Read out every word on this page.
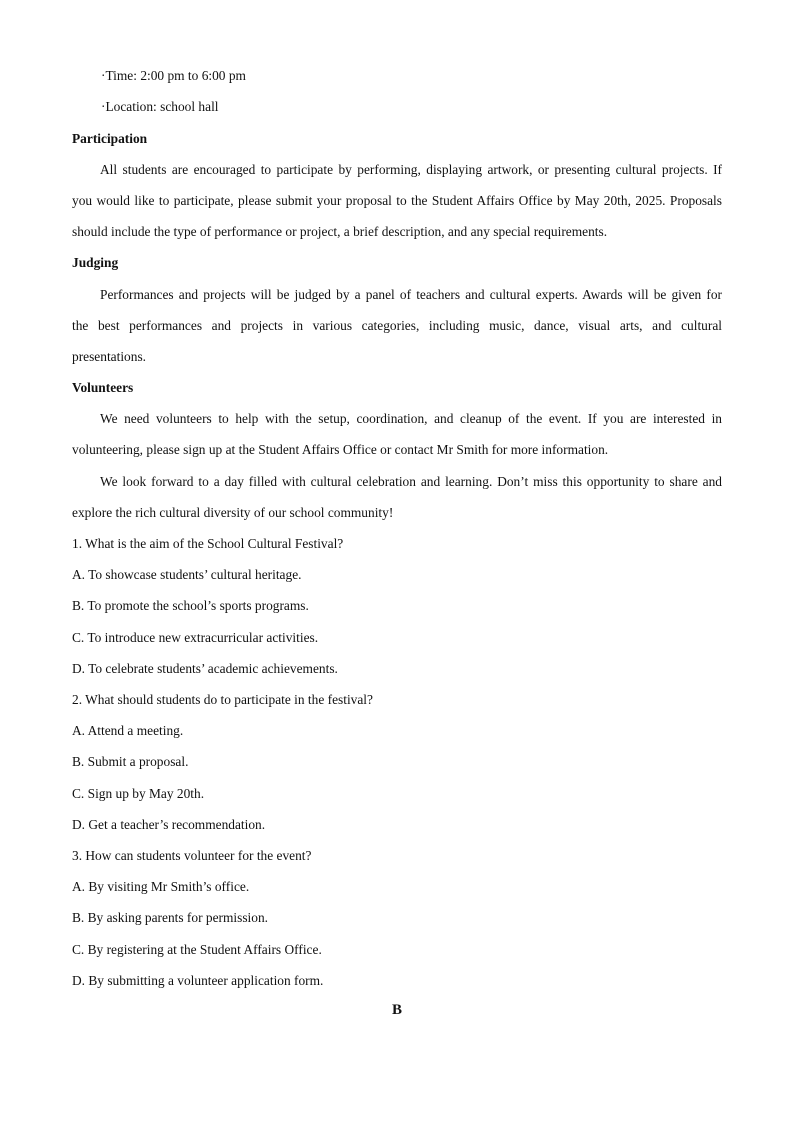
·Time: 2:00 pm to 6:00 pm
·Location: school hall
Participation
All students are encouraged to participate by performing, displaying artwork, or presenting cultural projects. If
you would like to participate, please submit your proposal to the Student Affairs Office by May 20th, 2025. Proposals
should include the type of performance or project, a brief description, and any special requirements.
Judging
Performances and projects will be judged by a panel of teachers and cultural experts. Awards will be given for
the best performances and projects in various categories, including music, dance, visual arts, and cultural
presentations.
Volunteers
We need volunteers to help with the setup, coordination, and cleanup of the event. If you are interested in
volunteering, please sign up at the Student Affairs Office or contact Mr Smith for more information.
We look forward to a day filled with cultural celebration and learning. Don’t miss this opportunity to share and
explore the rich cultural diversity of our school community!
1. What is the aim of the School Cultural Festival?
A. To showcase students’ cultural heritage.
B. To promote the school’s sports programs.
C. To introduce new extracurricular activities.
D. To celebrate students’ academic achievements.
2. What should students do to participate in the festival?
A. Attend a meeting.
B. Submit a proposal.
C. Sign up by May 20th.
D. Get a teacher’s recommendation.
3. How can students volunteer for the event?
A. By visiting Mr Smith’s office.
B. By asking parents for permission.
C. By registering at the Student Affairs Office.
D. By submitting a volunteer application form.
B
